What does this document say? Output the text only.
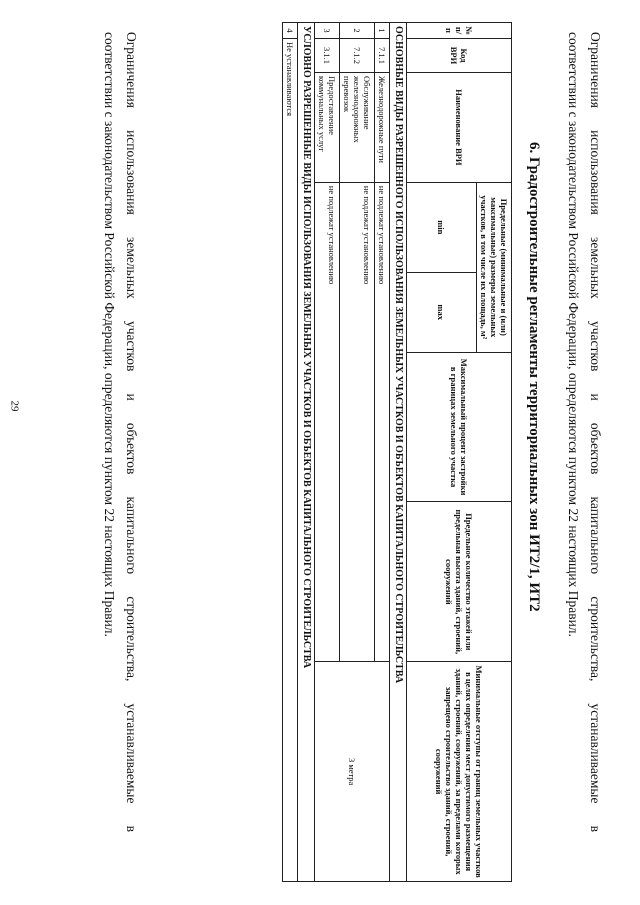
29	Ограничения использования земельных участков и объектов капитального строительства, устанавливаемые в
соответствии с законодательством Российской Федерации, определяются пунктом 22 настоящих Правил.
6. Градостроительные регламенты территориальных зон ИТ2/1, ИТ2
№ п/п	Код ВРИ	Наименование ВРИ	Предельные (минимальные и (или) максимальные) размеры земельных участков, в том числе их площадь, м²		Максимальный процент застройки в границах земельного участка	Предельное количество этажей или предельная высота зданий, строений, сооружений	Минимальные отступы от границ земельных участков в целях определения мест допустимого размещения зданий, строений, сооружений, за пределами которых запрещено строительство зданий, строений, сооружений
			min	max			
ОСНОВНЫЕ ВИДЫ РАЗРЕШЕННОГО ИСПОЛЬЗОВАНИЯ ЗЕМЕЛЬНЫХ УЧАСТКОВ И ОБЪЕКТОВ КАПИТАЛЬНОГО СТРОИТЕЛЬСТВА							
1	7.1.1	Железнодорожные пути	не подлежат установлению				3 метра
2	7.1.2	Обслуживание железнодорожных перевозок	не подлежат установлению				
3	3.1.1	Предоставление коммунальных услуг	не подлежат установлению				
УСЛОВНО РАЗРЕШЕННЫЕ ВИДЫ ИСПОЛЬЗОВАНИЯ ЗЕМЕЛЬНЫХ УЧАСТКОВ И ОБЪЕКТОВ КАПИТАЛЬНОГО СТРОИТЕЛЬСТВА							
4	Не устанавливаются						
Ограничения использования земельных участков и объектов капитального строительства, устанавливаемые в
соответствии с законодательством Российской Федерации, определяются пунктом 22 настоящих Правил.
